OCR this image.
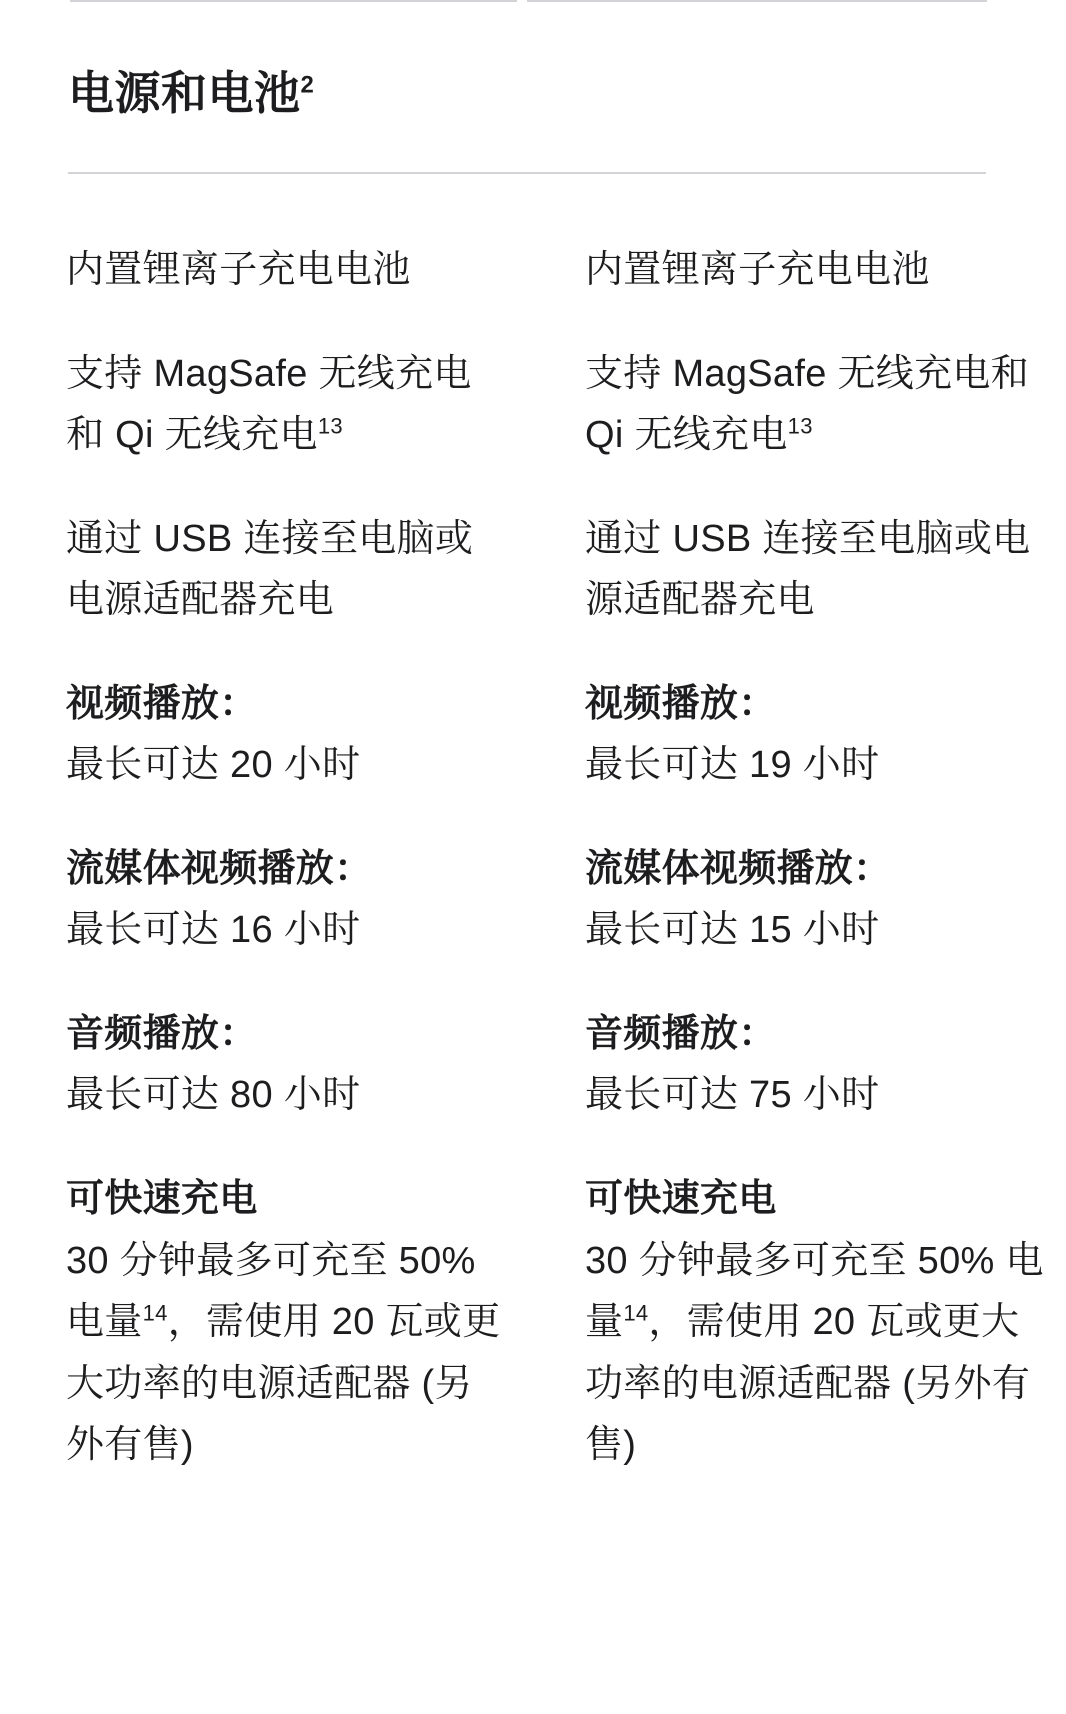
电源和电池$^2$
内置锂离子充电电池
支持 MagSafe 无线充电和 Qi 无线充电$^{13}$
通过 USB 连接至电脑或电源适配器充电
视频播放：
最长可达 20 小时
流媒体视频播放：
最长可达 16 小时
音频播放：
最长可达 80 小时
可快速充电
30 分钟最多可充至 50% 电量$^{14}$，需使用 20 瓦或更大功率的电源适配器 (另外有售)
内置锂离子充电电池
支持 MagSafe 无线充电和 Qi 无线充电$^{13}$
通过 USB 连接至电脑或电源适配器充电
视频播放：
最长可达 19 小时
流媒体视频播放：
最长可达 15 小时
音频播放：
最长可达 75 小时
可快速充电
30 分钟最多可充至 50% 电量$^{14}$，需使用 20 瓦或更大功率的电源适配器 (另外有售)
